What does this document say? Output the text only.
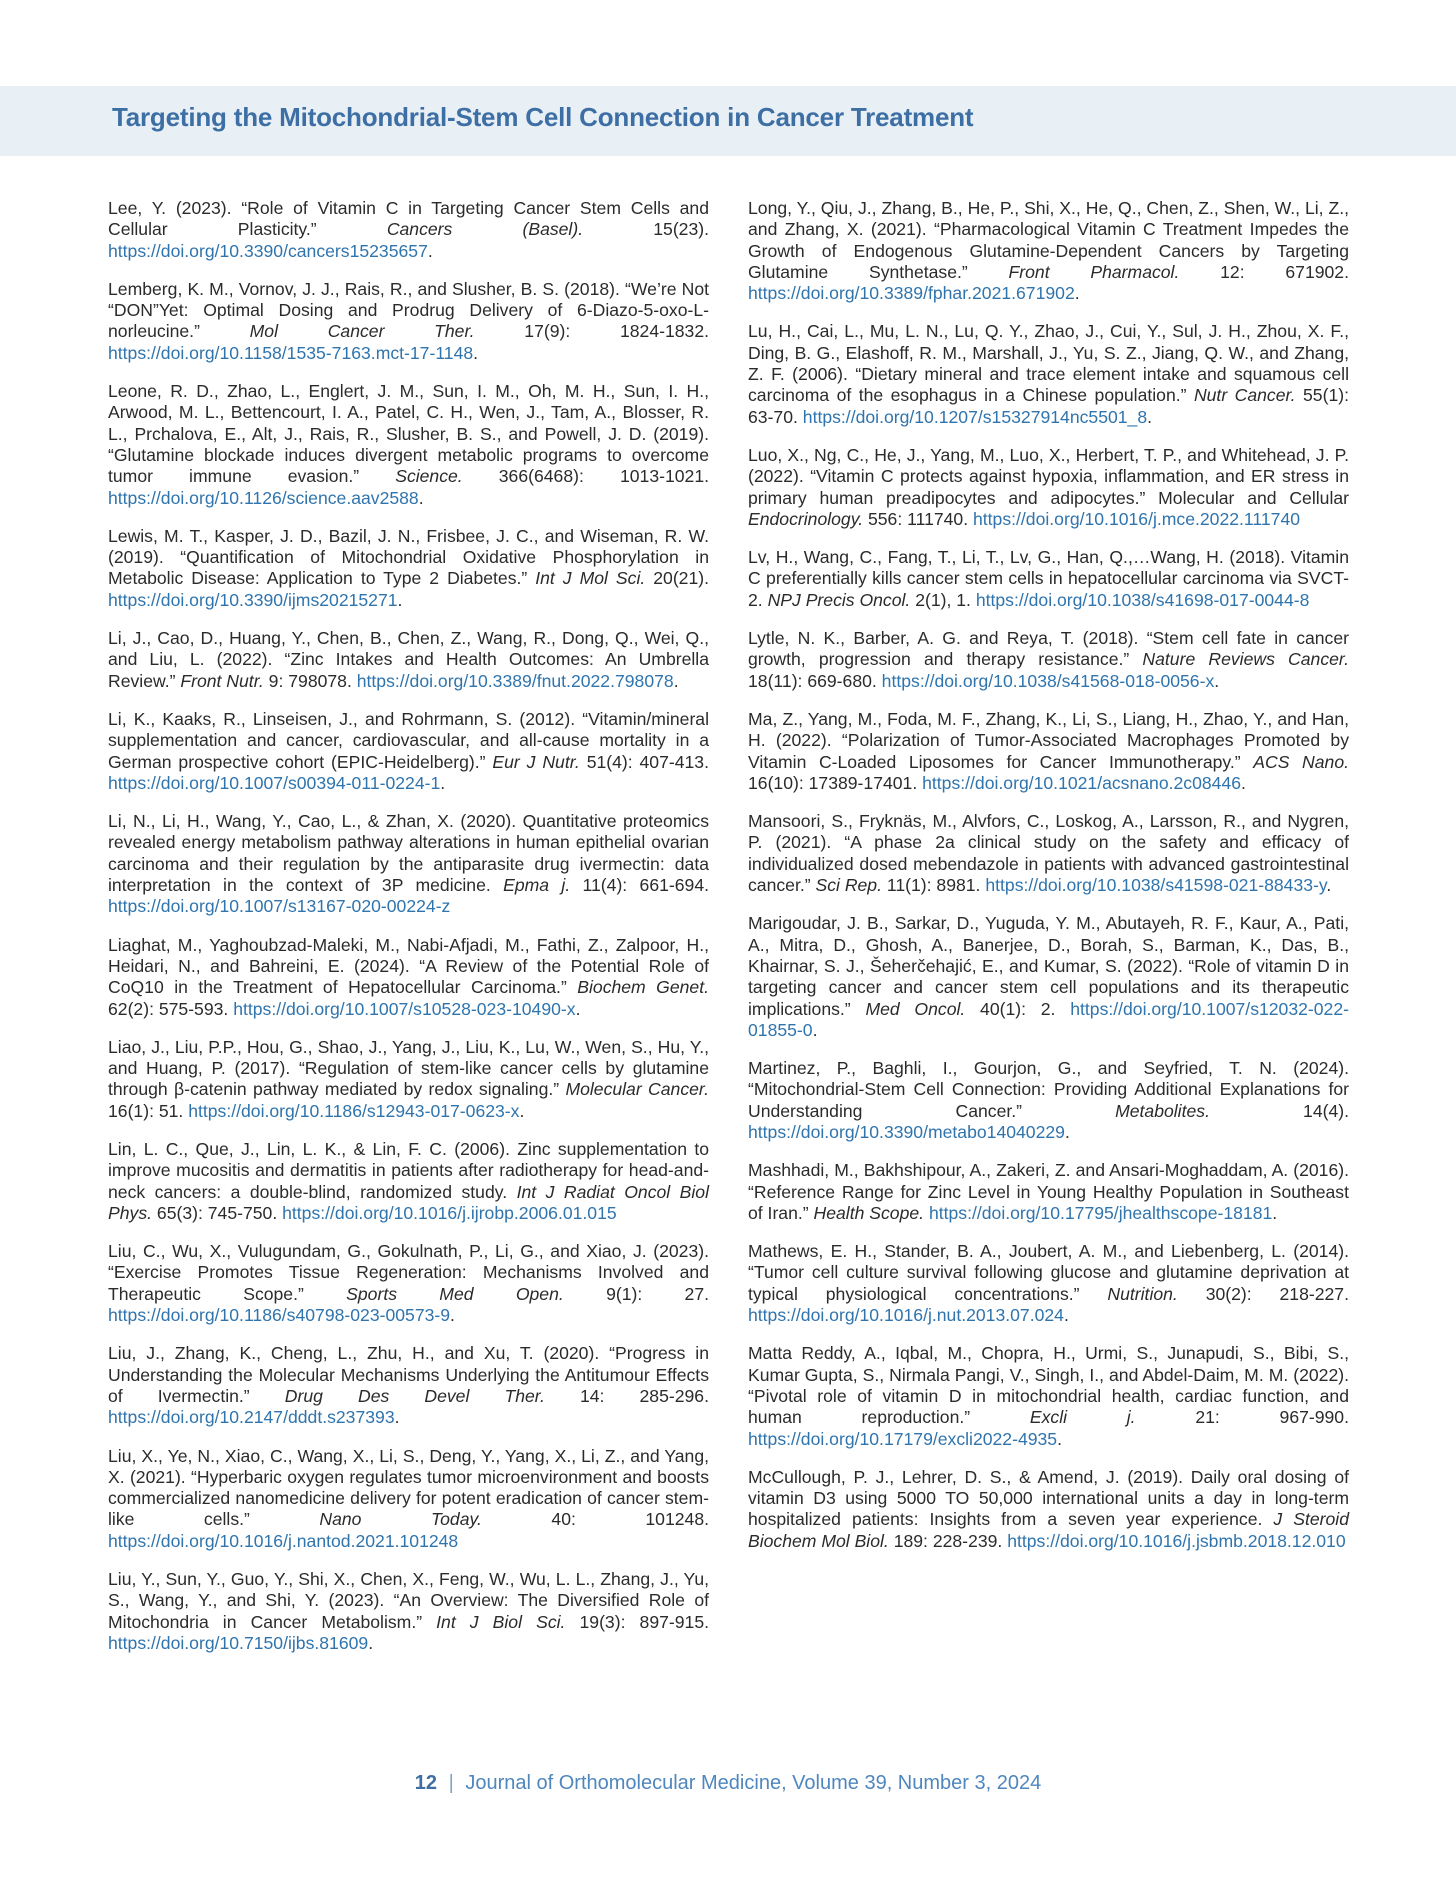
Targeting the Mitochondrial-Stem Cell Connection in Cancer Treatment

Lee, Y. (2023). “Role of Vitamin C in Targeting Cancer Stem Cells and Cellular Plasticity.” Cancers (Basel). 15(23). https://doi.org/10.3390/cancers15235657.

Lemberg, K. M., Vornov, J. J., Rais, R., and Slusher, B. S. (2018). “We’re Not “DON”Yet: Optimal Dosing and Prodrug Delivery of 6-Diazo-5-oxo-L-norleucine.” Mol Cancer Ther. 17(9): 1824-1832. https://doi.org/10.1158/1535-7163.mct-17-1148.

Leone, R. D., Zhao, L., Englert, J. M., Sun, I. M., Oh, M. H., Sun, I. H., Arwood, M. L., Bettencourt, I. A., Patel, C. H., Wen, J., Tam, A., Blosser, R. L., Prchalova, E., Alt, J., Rais, R., Slusher, B. S., and Powell, J. D. (2019). “Glutamine blockade induces divergent metabolic programs to overcome tumor immune evasion.” Science. 366(6468): 1013-1021. https://doi.org/10.1126/science.aav2588.

Lewis, M. T., Kasper, J. D., Bazil, J. N., Frisbee, J. C., and Wiseman, R. W. (2019). “Quantification of Mitochondrial Oxidative Phosphorylation in Metabolic Disease: Application to Type 2 Diabetes.” Int J Mol Sci. 20(21). https://doi.org/10.3390/ijms20215271.

Li, J., Cao, D., Huang, Y., Chen, B., Chen, Z., Wang, R., Dong, Q., Wei, Q., and Liu, L. (2022). “Zinc Intakes and Health Outcomes: An Umbrella Review.” Front Nutr. 9: 798078. https://doi.org/10.3389/fnut.2022.798078.

Li, K., Kaaks, R., Linseisen, J., and Rohrmann, S. (2012). “Vitamin/mineral supplementation and cancer, cardiovascular, and all-cause mortality in a German prospective cohort (EPIC-Heidelberg).” Eur J Nutr. 51(4): 407-413. https://doi.org/10.1007/s00394-011-0224-1.

Li, N., Li, H., Wang, Y., Cao, L., & Zhan, X. (2020). Quantitative proteomics revealed energy metabolism pathway alterations in human epithelial ovarian carcinoma and their regulation by the antiparasite drug ivermectin: data interpretation in the context of 3P medicine. Epma j. 11(4): 661-694. https://doi.org/10.1007/s13167-020-00224-z

Liaghat, M., Yaghoubzad-Maleki, M., Nabi-Afjadi, M., Fathi, Z., Zalpoor, H., Heidari, N., and Bahreini, E. (2024). “A Review of the Potential Role of CoQ10 in the Treatment of Hepatocellular Carcinoma.” Biochem Genet. 62(2): 575-593. https://doi.org/10.1007/s10528-023-10490-x.

Liao, J., Liu, P.P., Hou, G., Shao, J., Yang, J., Liu, K., Lu, W., Wen, S., Hu, Y., and Huang, P. (2017). “Regulation of stem-like cancer cells by glutamine through β-catenin pathway mediated by redox signaling.” Molecular Cancer. 16(1): 51. https://doi.org/10.1186/s12943-017-0623-x.

Lin, L. C., Que, J., Lin, L. K., & Lin, F. C. (2006). Zinc supplementation to improve mucositis and dermatitis in patients after radiotherapy for head-and-neck cancers: a double-blind, randomized study. Int J Radiat Oncol Biol Phys. 65(3): 745-750. https://doi.org/10.1016/j.ijrobp.2006.01.015

Liu, C., Wu, X., Vulugundam, G., Gokulnath, P., Li, G., and Xiao, J. (2023). “Exercise Promotes Tissue Regeneration: Mechanisms Involved and Therapeutic Scope.” Sports Med Open. 9(1): 27. https://doi.org/10.1186/s40798-023-00573-9.

Liu, J., Zhang, K., Cheng, L., Zhu, H., and Xu, T. (2020). “Progress in Understanding the Molecular Mechanisms Underlying the Antitumour Effects of Ivermectin.” Drug Des Devel Ther. 14: 285-296. https://doi.org/10.2147/dddt.s237393.

Liu, X., Ye, N., Xiao, C., Wang, X., Li, S., Deng, Y., Yang, X., Li, Z., and Yang, X. (2021). “Hyperbaric oxygen regulates tumor microenvironment and boosts commercialized nanomedicine delivery for potent eradication of cancer stem-like cells.” Nano Today. 40: 101248. https://doi.org/10.1016/j.nantod.2021.101248

Liu, Y., Sun, Y., Guo, Y., Shi, X., Chen, X., Feng, W., Wu, L. L., Zhang, J., Yu, S., Wang, Y., and Shi, Y. (2023). “An Overview: The Diversified Role of Mitochondria in Cancer Metabolism.” Int J Biol Sci. 19(3): 897-915. https://doi.org/10.7150/ijbs.81609.

Long, Y., Qiu, J., Zhang, B., He, P., Shi, X., He, Q., Chen, Z., Shen, W., Li, Z., and Zhang, X. (2021). “Pharmacological Vitamin C Treatment Impedes the Growth of Endogenous Glutamine-Dependent Cancers by Targeting Glutamine Synthetase.” Front Pharmacol. 12: 671902. https://doi.org/10.3389/fphar.2021.671902.

Lu, H., Cai, L., Mu, L. N., Lu, Q. Y., Zhao, J., Cui, Y., Sul, J. H., Zhou, X. F., Ding, B. G., Elashoff, R. M., Marshall, J., Yu, S. Z., Jiang, Q. W., and Zhang, Z. F. (2006). “Dietary mineral and trace element intake and squamous cell carcinoma of the esophagus in a Chinese population.” Nutr Cancer. 55(1): 63-70. https://doi.org/10.1207/s15327914nc5501_8.

Luo, X., Ng, C., He, J., Yang, M., Luo, X., Herbert, T. P., and Whitehead, J. P. (2022). “Vitamin C protects against hypoxia, inflammation, and ER stress in primary human preadipocytes and adipocytes.” Molecular and Cellular Endocrinology. 556: 111740. https://doi.org/10.1016/j.mce.2022.111740

Lv, H., Wang, C., Fang, T., Li, T., Lv, G., Han, Q.,…Wang, H. (2018). Vitamin C preferentially kills cancer stem cells in hepatocellular carcinoma via SVCT-2. NPJ Precis Oncol. 2(1), 1. https://doi.org/10.1038/s41698-017-0044-8

Lytle, N. K., Barber, A. G. and Reya, T. (2018). “Stem cell fate in cancer growth, progression and therapy resistance.” Nature Reviews Cancer. 18(11): 669-680. https://doi.org/10.1038/s41568-018-0056-x.

Ma, Z., Yang, M., Foda, M. F., Zhang, K., Li, S., Liang, H., Zhao, Y., and Han, H. (2022). “Polarization of Tumor-Associated Macrophages Promoted by Vitamin C-Loaded Liposomes for Cancer Immunotherapy.” ACS Nano. 16(10): 17389-17401. https://doi.org/10.1021/acsnano.2c08446.

Mansoori, S., Fryknäs, M., Alvfors, C., Loskog, A., Larsson, R., and Nygren, P. (2021). “A phase 2a clinical study on the safety and efficacy of individualized dosed mebendazole in patients with advanced gastrointestinal cancer.” Sci Rep. 11(1): 8981. https://doi.org/10.1038/s41598-021-88433-y.

Marigoudar, J. B., Sarkar, D., Yuguda, Y. M., Abutayeh, R. F., Kaur, A., Pati, A., Mitra, D., Ghosh, A., Banerjee, D., Borah, S., Barman, K., Das, B., Khairnar, S. J., Šeherčehajić, E., and Kumar, S. (2022). “Role of vitamin D in targeting cancer and cancer stem cell populations and its therapeutic implications.” Med Oncol. 40(1): 2. https://doi.org/10.1007/s12032-022-01855-0.

Martinez, P., Baghli, I., Gourjon, G., and Seyfried, T. N. (2024). “Mitochondrial-Stem Cell Connection: Providing Additional Explanations for Understanding Cancer.” Metabolites. 14(4). https://doi.org/10.3390/metabo14040229.

Mashhadi, M., Bakhshipour, A., Zakeri, Z. and Ansari-Moghaddam, A. (2016). “Reference Range for Zinc Level in Young Healthy Population in Southeast of Iran.” Health Scope. https://doi.org/10.17795/jhealthscope-18181.

Mathews, E. H., Stander, B. A., Joubert, A. M., and Liebenberg, L. (2014). “Tumor cell culture survival following glucose and glutamine deprivation at typical physiological concentrations.” Nutrition. 30(2): 218-227. https://doi.org/10.1016/j.nut.2013.07.024.

Matta Reddy, A., Iqbal, M., Chopra, H., Urmi, S., Junapudi, S., Bibi, S., Kumar Gupta, S., Nirmala Pangi, V., Singh, I., and Abdel-Daim, M. M. (2022). “Pivotal role of vitamin D in mitochondrial health, cardiac function, and human reproduction.” Excli j. 21: 967-990. https://doi.org/10.17179/excli2022-4935.

McCullough, P. J., Lehrer, D. S., & Amend, J. (2019). Daily oral dosing of vitamin D3 using 5000 TO 50,000 international units a day in long-term hospitalized patients: Insights from a seven year experience. J Steroid Biochem Mol Biol. 189: 228-239. https://doi.org/10.1016/j.jsbmb.2018.12.010

12 | Journal of Orthomolecular Medicine, Volume 39, Number 3, 2024
